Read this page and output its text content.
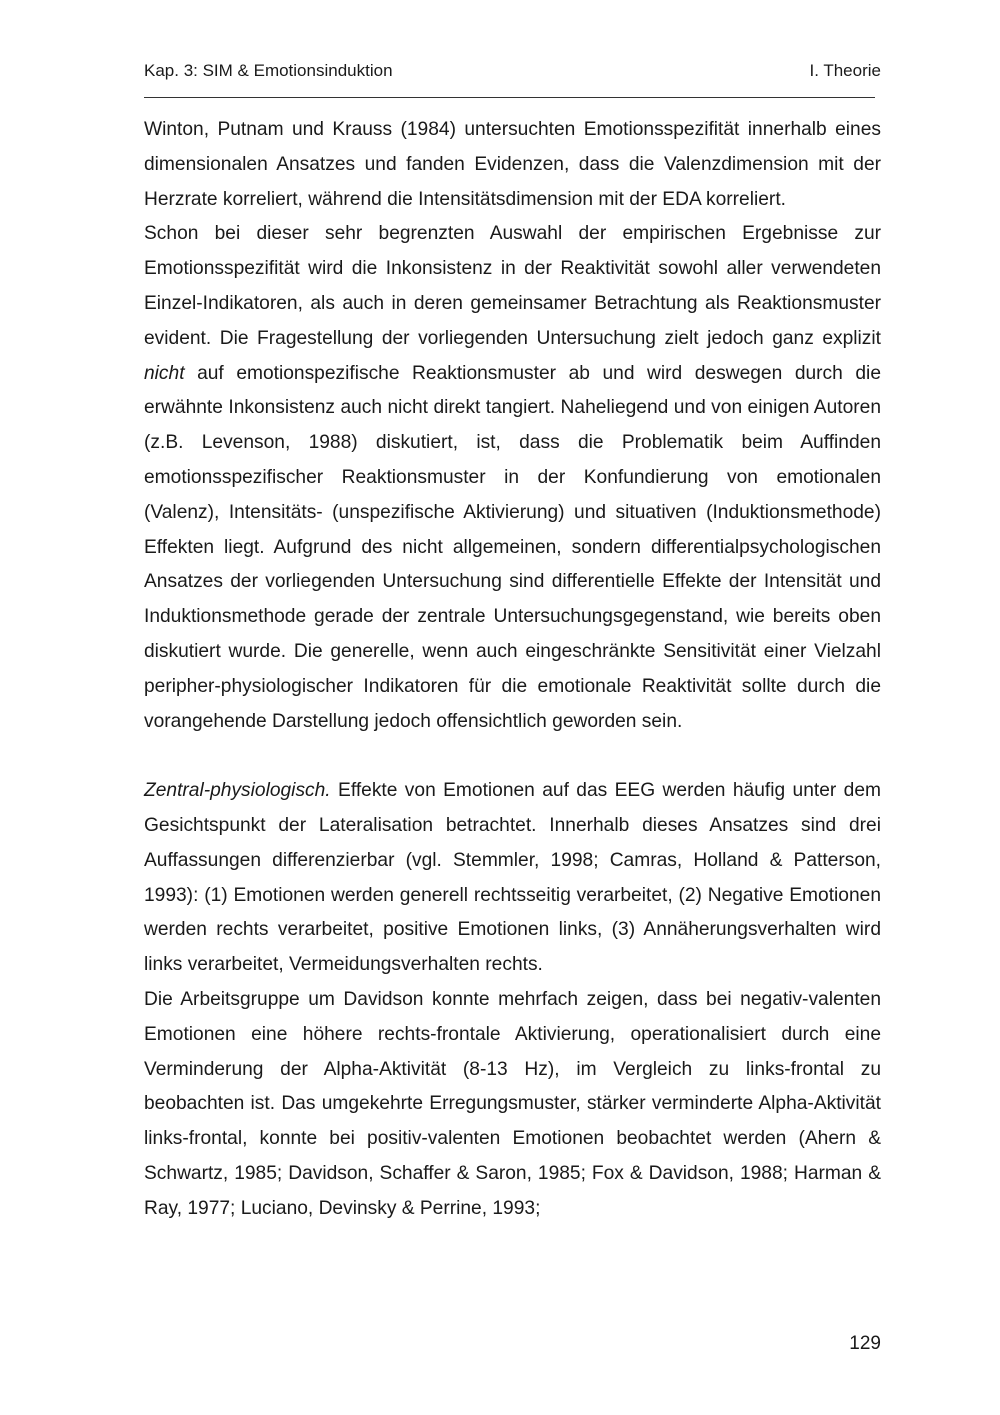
Kap. 3: SIM & Emotionsinduktion	I. Theorie

Winton, Putnam und Krauss (1984) untersuchten Emotionsspezifität innerhalb eines dimensionalen Ansatzes und fanden Evidenzen, dass die Valenzdimension mit der Herzrate korreliert, während die Intensitätsdimension mit der EDA korreliert.

Schon bei dieser sehr begrenzten Auswahl der empirischen Ergebnisse zur Emotionsspezifität wird die Inkonsistenz in der Reaktivität sowohl aller verwendeten Einzel-Indikatoren, als auch in deren gemeinsamer Betrachtung als Reaktionsmuster evident. Die Fragestellung der vorliegenden Untersuchung zielt jedoch ganz explizit nicht auf emotionspezifische Reaktionsmuster ab und wird deswegen durch die erwähnte Inkonsistenz auch nicht direkt tangiert. Naheliegend und von einigen Autoren (z.B. Levenson, 1988) diskutiert, ist, dass die Problematik beim Auffinden emotionsspezifischer Reaktionsmuster in der Konfundierung von emotionalen (Valenz), Intensitäts- (unspezifische Aktivierung) und situativen (Induktionsmethode) Effekten liegt. Aufgrund des nicht allgemeinen, sondern differentialpsychologischen Ansatzes der vorliegenden Untersuchung sind differentielle Effekte der Intensität und Induktionsmethode gerade der zentrale Untersuchungsgegenstand, wie bereits oben diskutiert wurde. Die generelle, wenn auch eingeschränkte Sensitivität einer Vielzahl peripher-physiologischer Indikatoren für die emotionale Reaktivität sollte durch die vorangehende Darstellung jedoch offensichtlich geworden sein.

Zentral-physiologisch. Effekte von Emotionen auf das EEG werden häufig unter dem Gesichtspunkt der Lateralisation betrachtet. Innerhalb dieses Ansatzes sind drei Auffassungen differenzierbar (vgl. Stemmler, 1998; Camras, Holland & Patterson, 1993): (1) Emotionen werden generell rechtsseitig verarbeitet, (2) Negative Emotionen werden rechts verarbeitet, positive Emotionen links, (3) Annäherungsverhalten wird links verarbeitet, Vermeidungsverhalten rechts.

Die Arbeitsgruppe um Davidson konnte mehrfach zeigen, dass bei negativ-valenten Emotionen eine höhere rechts-frontale Aktivierung, operationalisiert durch eine Verminderung der Alpha-Aktivität (8-13 Hz), im Vergleich zu links-frontal zu beobachten ist. Das umgekehrte Erregungsmuster, stärker verminderte Alpha-Aktivität links-frontal, konnte bei positiv-valenten Emotionen beobachtet werden (Ahern & Schwartz, 1985; Davidson, Schaffer & Saron, 1985; Fox & Davidson, 1988; Harman & Ray, 1977; Luciano, Devinsky & Perrine, 1993;

129
